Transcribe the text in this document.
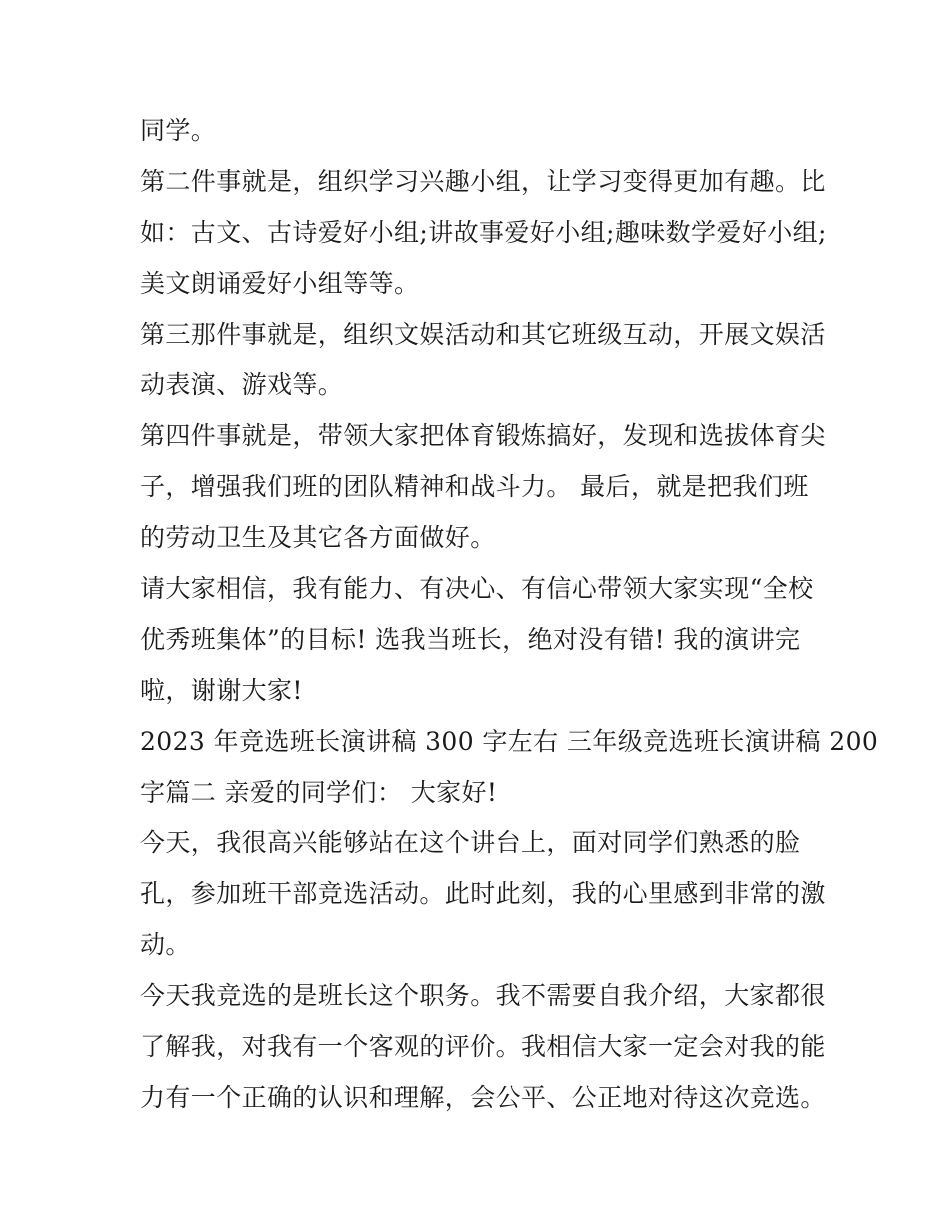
同学。

第二件事就是，组织学习兴趣小组，让学习变得更加有趣。比
如：古文、古诗爱好小组;讲故事爱好小组;趣味数学爱好小组;
美文朗诵爱好小组等等。

第三那件事就是，组织文娱活动和其它班级互动，开展文娱活
动表演、游戏等。

第四件事就是，带领大家把体育锻炼搞好，发现和选拔体育尖
子，增强我们班的团队精神和战斗力。 最后，就是把我们班
的劳动卫生及其它各方面做好。

请大家相信，我有能力、有决心、有信心带领大家实现“全校
优秀班集体”的目标! 选我当班长，绝对没有错! 我的演讲完
啦，谢谢大家!

2023 年竞选班长演讲稿 300 字左右 三年级竞选班长演讲稿 200
字篇二 亲爱的同学们： 大家好!

今天，我很高兴能够站在这个讲台上，面对同学们熟悉的脸
孔，参加班干部竞选活动。此时此刻，我的心里感到非常的激
动。

今天我竞选的是班长这个职务。我不需要自我介绍，大家都很
了解我，对我有一个客观的评价。我相信大家一定会对我的能
力有一个正确的认识和理解，会公平、公正地对待这次竞选。
